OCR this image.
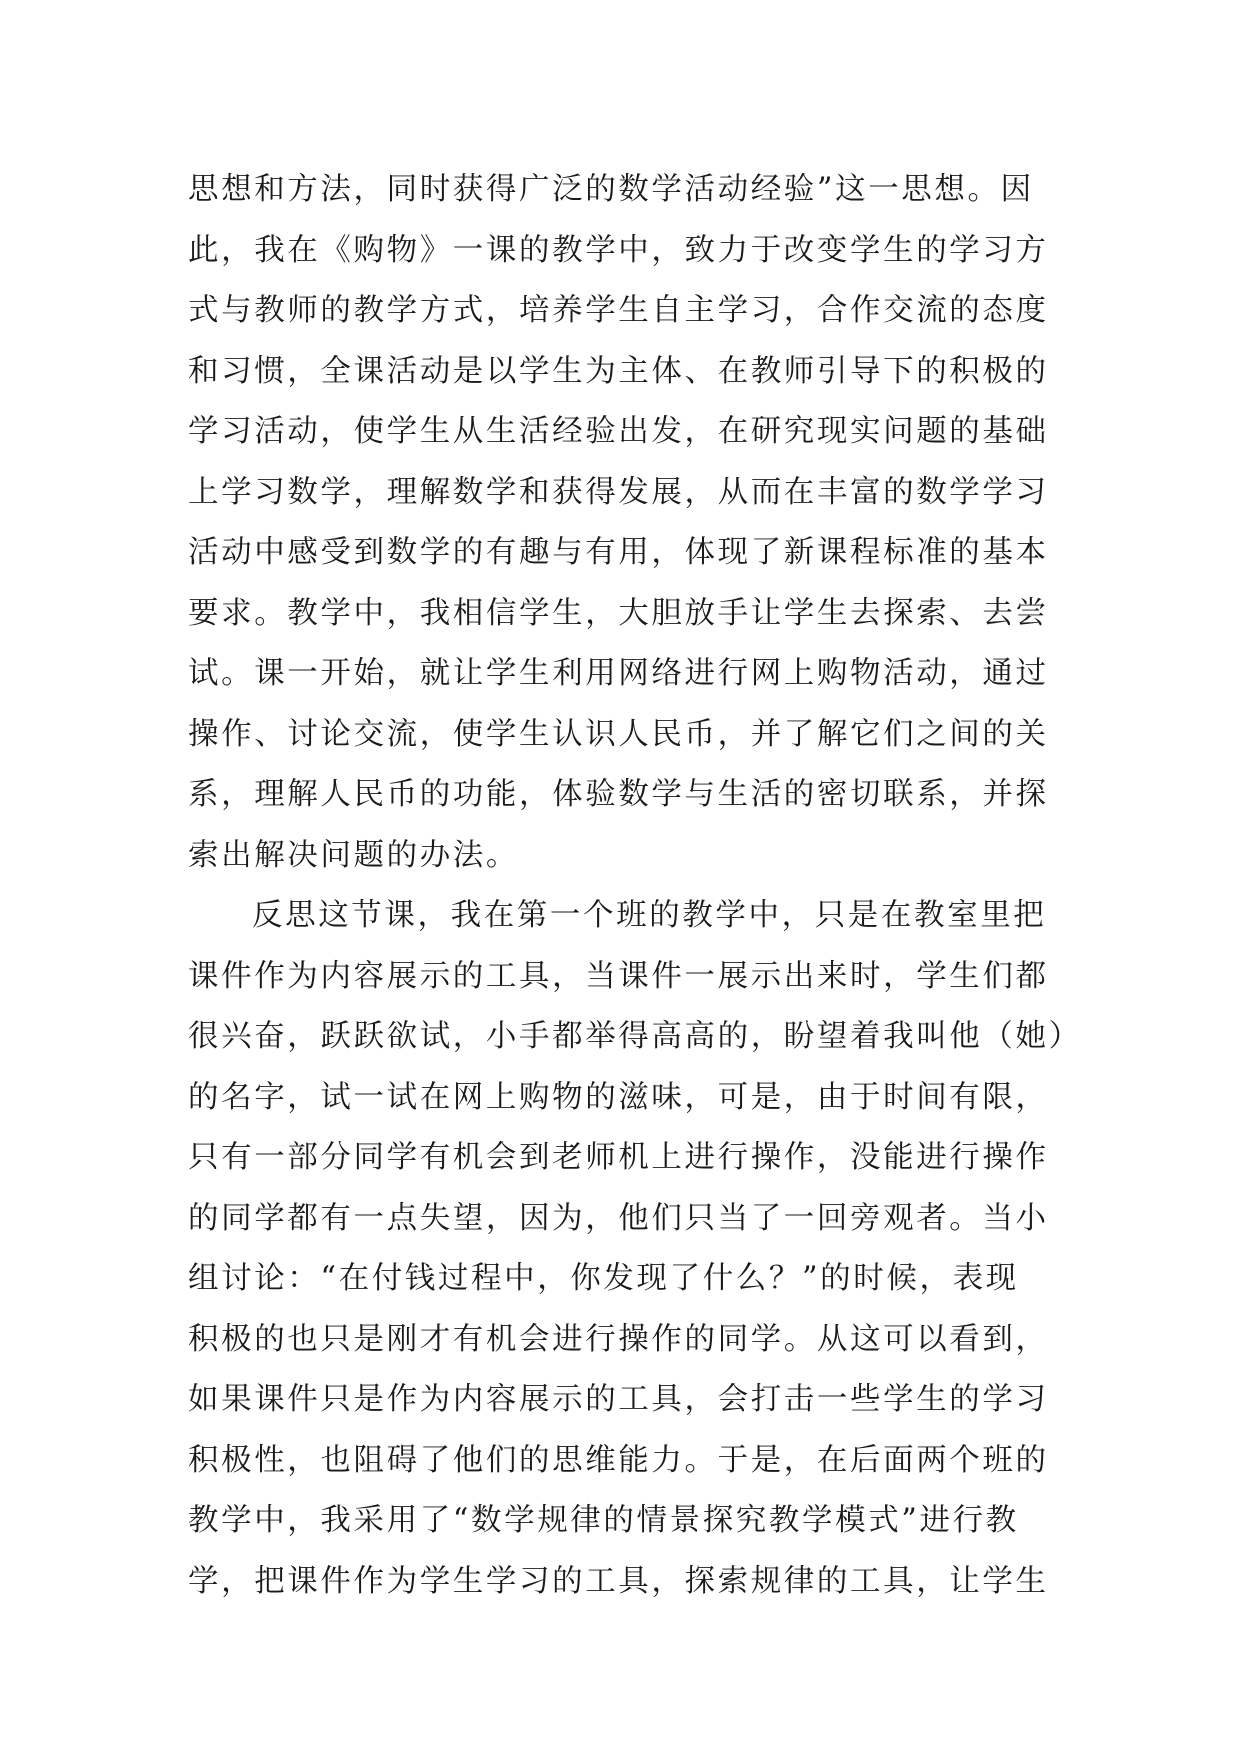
思想和方法，同时获得广泛的数学活动经验”这一思想。因
此，我在《购物》一课的教学中，致力于改变学生的学习方
式与教师的教学方式，培养学生自主学习，合作交流的态度
和习惯，全课活动是以学生为主体、在教师引导下的积极的
学习活动，使学生从生活经验出发，在研究现实问题的基础
上学习数学，理解数学和获得发展，从而在丰富的数学学习
活动中感受到数学的有趣与有用，体现了新课程标准的基本
要求。教学中，我相信学生，大胆放手让学生去探索、去尝
试。课一开始，就让学生利用网络进行网上购物活动，通过
操作、讨论交流，使学生认识人民币，并了解它们之间的关
系，理解人民币的功能，体验数学与生活的密切联系，并探
索出解决问题的办法。
反思这节课，我在第一个班的教学中，只是在教室里把
课件作为内容展示的工具，当课件一展示出来时，学生们都
很兴奋，跃跃欲试，小手都举得高高的，盼望着我叫他（她）
的名字，试一试在网上购物的滋味，可是，由于时间有限，
只有一部分同学有机会到老师机上进行操作，没能进行操作
的同学都有一点失望，因为，他们只当了一回旁观者。当小
组讨论：“在付钱过程中，你发现了什么？”的时候，表现
积极的也只是刚才有机会进行操作的同学。从这可以看到，
如果课件只是作为内容展示的工具，会打击一些学生的学习
积极性，也阻碍了他们的思维能力。于是，在后面两个班的
教学中，我采用了“数学规律的情景探究教学模式”进行教
学，把课件作为学生学习的工具，探索规律的工具，让学生
